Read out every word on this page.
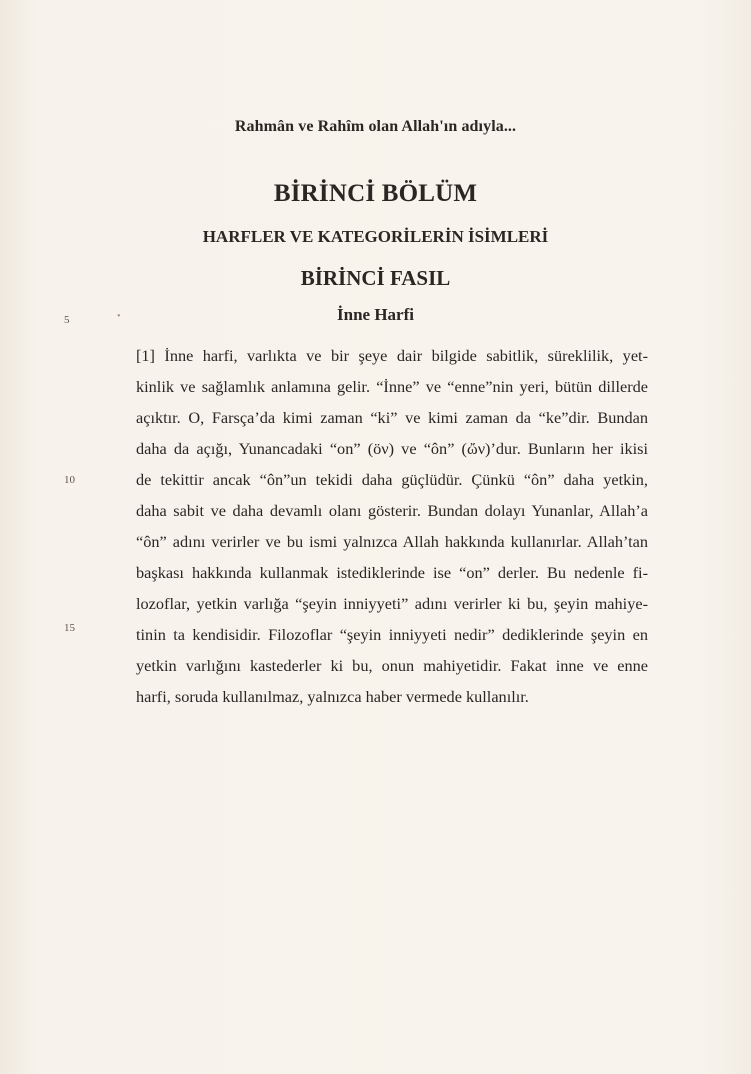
Rahmân ve Rahîm olan Allah'ın adıyla...
BİRİNCİ BÖLÜM
HARFLER VE KATEGORİLERİN İSİMLERİ
BİRİNCİ FASIL
İnne Harfi
•
5
10
15
[1] İnne harfi, varlıkta ve bir şeye dair bilgide sabitlik, süreklilik, yet-
kinlik ve sağlamlık anlamına gelir. “İnne” ve “enne”nin yeri, bütün dillerde
açıktır. O, Farsça’da kimi zaman “ki” ve kimi zaman da “ke”dir. Bundan
daha da açığı, Yunancadaki “on” (öν) ve “ôn” (ὤν)’dur. Bunların her ikisi
de tekittir ancak “ôn”un tekidi daha güçlüdür. Çünkü “ôn” daha yetkin,
daha sabit ve daha devamlı olanı gösterir. Bundan dolayı Yunanlar, Allah’a
“ôn” adını verirler ve bu ismi yalnızca Allah hakkında kullanırlar. Allah’tan
başkası hakkında kullanmak istediklerinde ise “on” derler. Bu nedenle fi-
lozoflar, yetkin varlığa “şeyin inniyyeti” adını verirler ki bu, şeyin mahiye-
tinin ta kendisidir. Filozoflar “şeyin inniyyeti nedir” dediklerinde şeyin en
yetkin varlığını kastederler ki bu, onun mahiyetidir. Fakat inne ve enne
harfi, soruda kullanılmaz, yalnızca haber vermede kullanılır.
